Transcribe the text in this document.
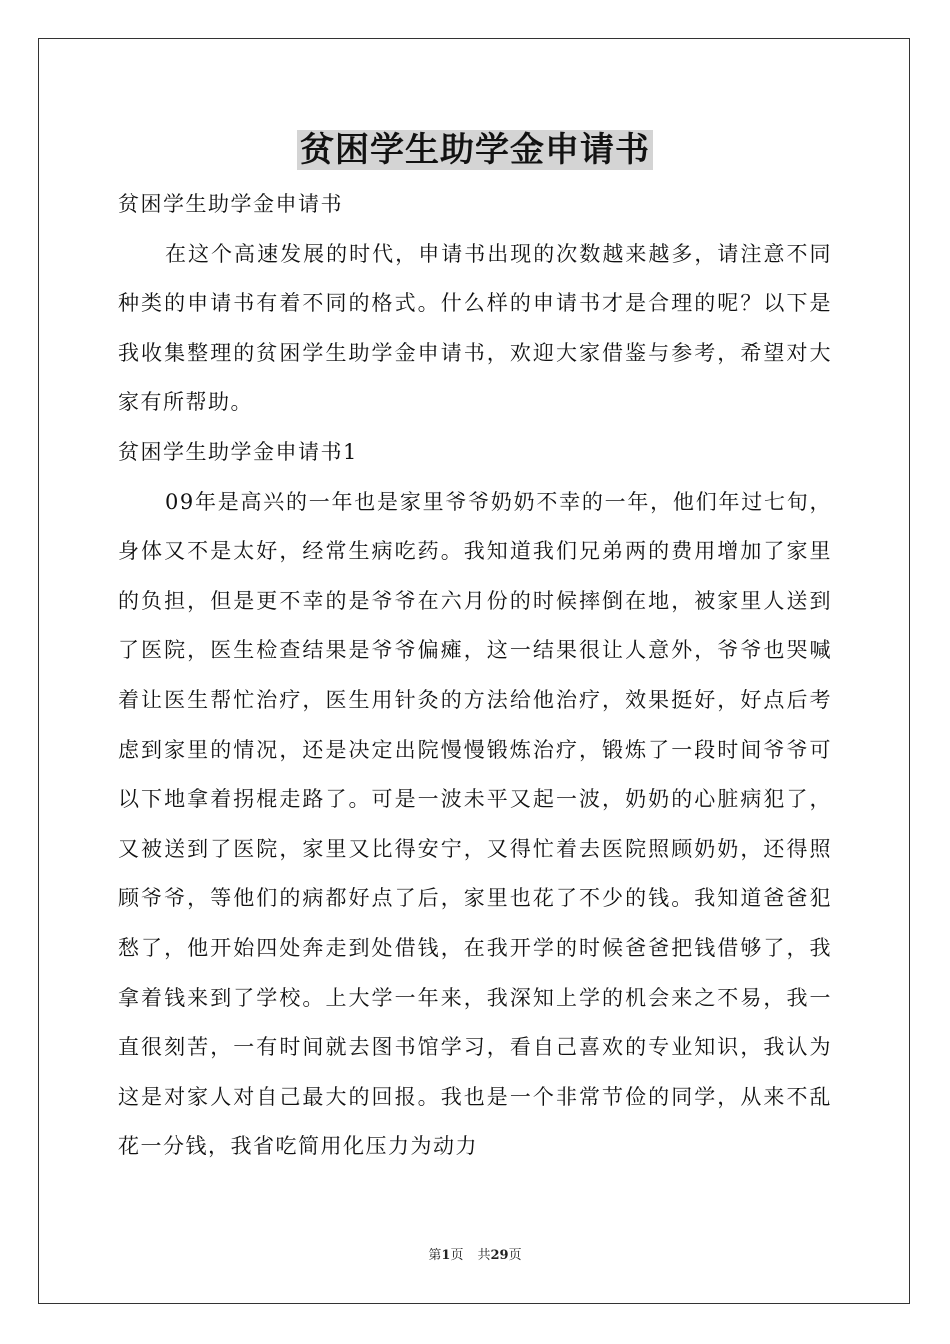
贫困学生助学金申请书

贫困学生助学金申请书

在这个高速发展的时代，申请书出现的次数越来越多，请注意不同种类的申请书有着不同的格式。什么样的申请书才是合理的呢？以下是我收集整理的贫困学生助学金申请书，欢迎大家借鉴与参考，希望对大家有所帮助。

贫困学生助学金申请书1

09年是高兴的一年也是家里爷爷奶奶不幸的一年，他们年过七旬，身体又不是太好，经常生病吃药。我知道我们兄弟两的费用增加了家里的负担，但是更不幸的是爷爷在六月份的时候摔倒在地，被家里人送到了医院，医生检查结果是爷爷偏瘫，这一结果很让人意外，爷爷也哭喊着让医生帮忙治疗，医生用针灸的方法给他治疗，效果挺好，好点后考虑到家里的情况，还是决定出院慢慢锻炼治疗，锻炼了一段时间爷爷可以下地拿着拐棍走路了。可是一波未平又起一波，奶奶的心脏病犯了，又被送到了医院，家里又比得安宁，又得忙着去医院照顾奶奶，还得照顾爷爷，等他们的病都好点了后，家里也花了不少的钱。我知道爸爸犯愁了，他开始四处奔走到处借钱，在我开学的时候爸爸把钱借够了，我拿着钱来到了学校。上大学一年来，我深知上学的机会来之不易，我一直很刻苦，一有时间就去图书馆学习，看自己喜欢的专业知识，我认为这是对家人对自己最大的回报。我也是一个非常节俭的同学，从来不乱花一分钱，我省吃简用化压力为动力

第1页 共29页
